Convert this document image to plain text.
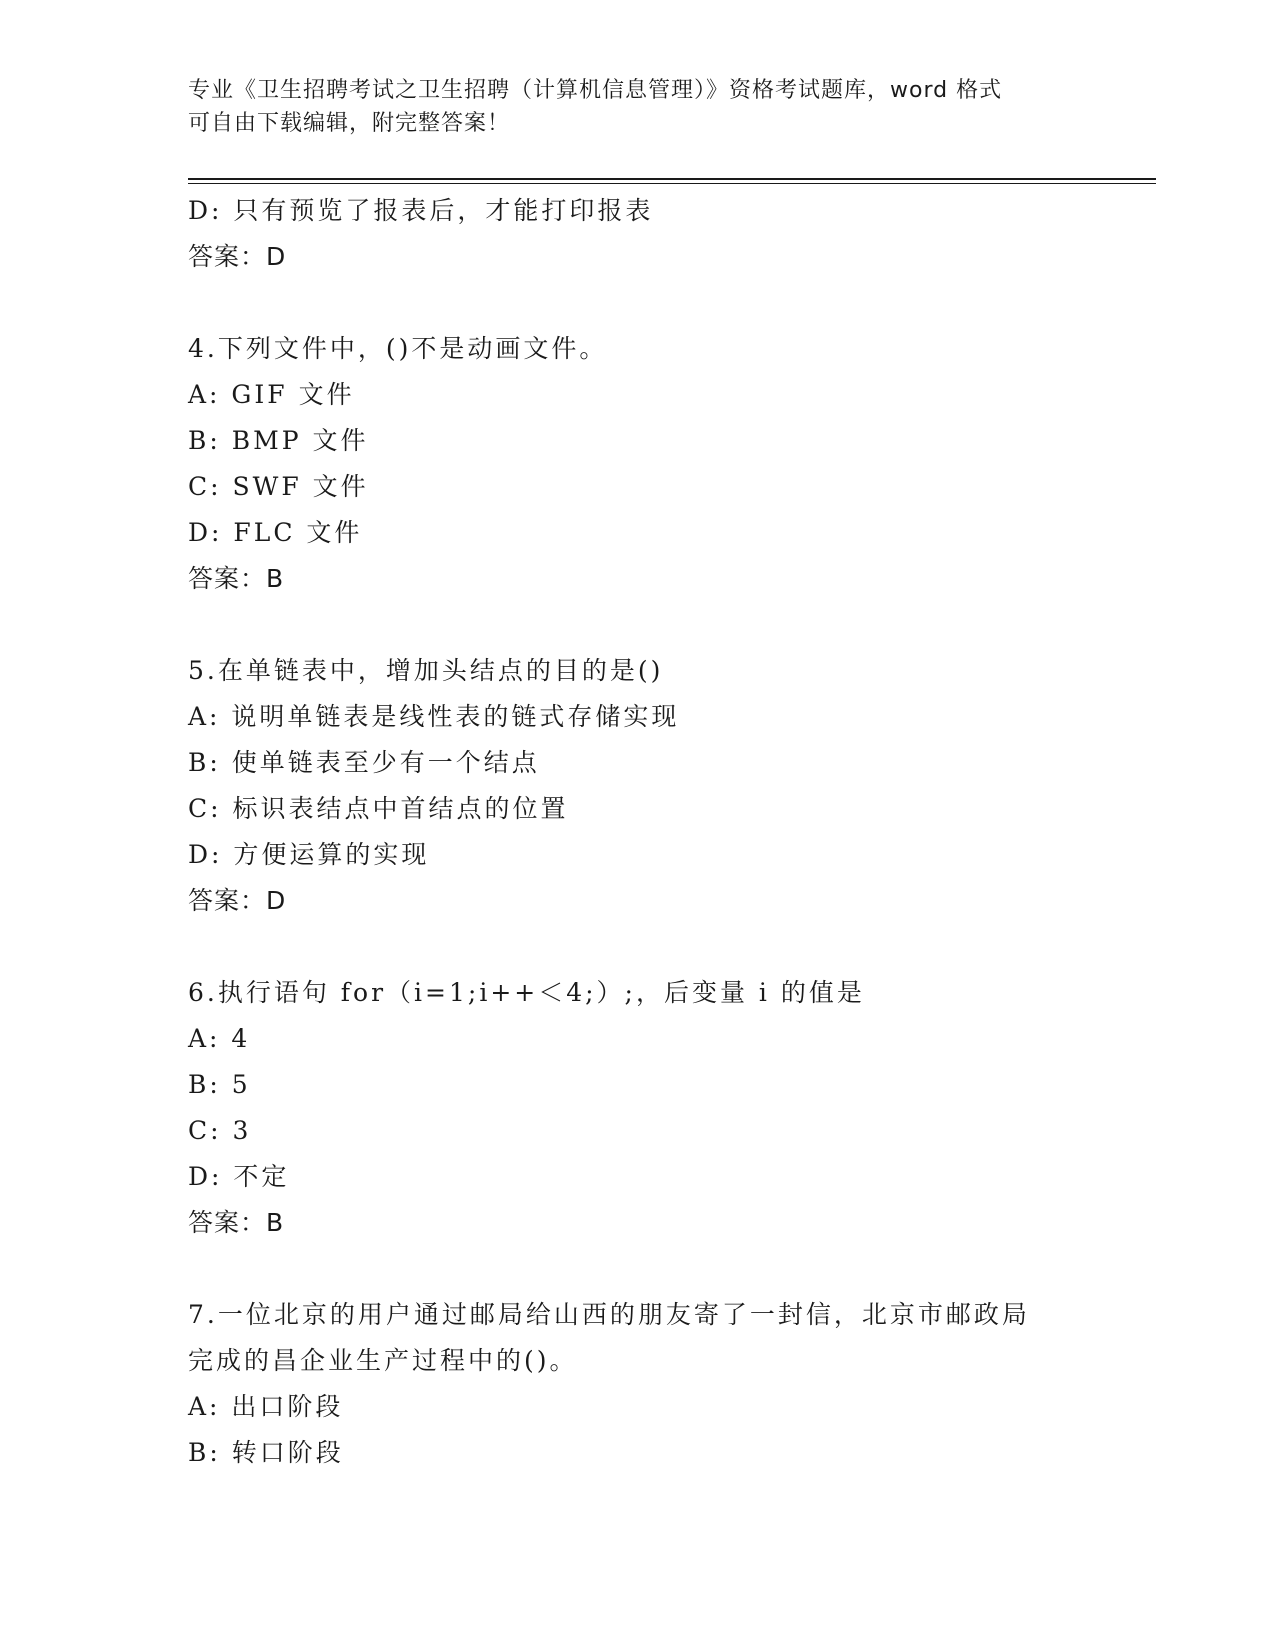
专业《卫生招聘考试之卫生招聘（计算机信息管理）》资格考试题库，word 格式
可自由下载编辑，附完整答案！
D: 只有预览了报表后，才能打印报表
答案：D
4.下列文件中，()不是动画文件。
A: GIF 文件
B: BMP 文件
C: SWF 文件
D: FLC 文件
答案：B
5.在单链表中，增加头结点的目的是()
A: 说明单链表是线性表的链式存储实现
B: 使单链表至少有一个结点
C: 标识表结点中首结点的位置
D: 方便运算的实现
答案：D
6.执行语句 for（i=1;i++＜4;）;，后变量 i 的值是
A: 4
B: 5
C: 3
D: 不定
答案：B
7.一位北京的用户通过邮局给山西的朋友寄了一封信，北京市邮政局
完成的昌企业生产过程中的()。
A: 出口阶段
B: 转口阶段
